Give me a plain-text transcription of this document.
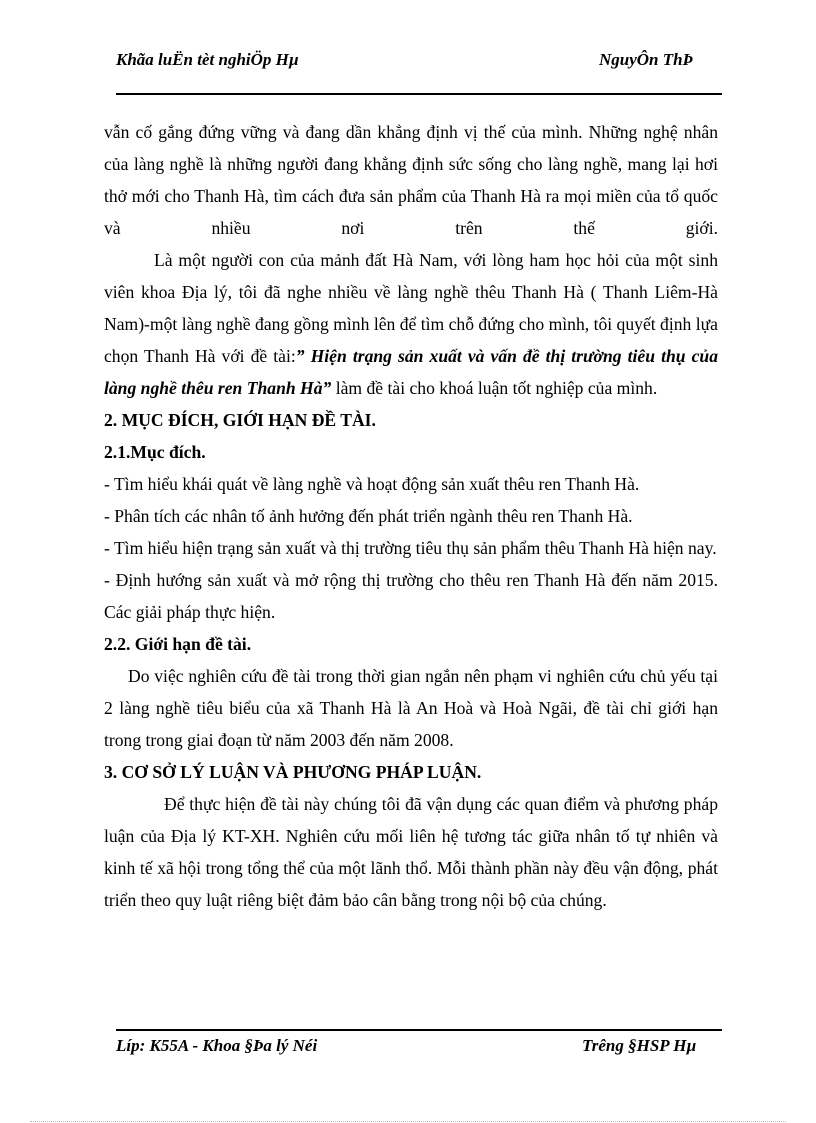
Khãa luËn tèt nghiÖp Hµ	NguyÔn ThÞ

vẫn cố gắng đứng vững và đang dần khẳng định vị thế của mình. Những nghệ nhân của làng nghề là những người đang khẳng định sức sống cho làng nghề, mang lại hơi thở mới cho Thanh Hà, tìm cách đưa sản phẩm của Thanh Hà ra mọi miền của tổ quốc và nhiều nơi trên thế giới.

Là một người con của mảnh đất Hà Nam, với lòng ham học hỏi của một sinh viên khoa Địa lý, tôi đã nghe nhiều về làng nghề thêu Thanh Hà ( Thanh Liêm-Hà Nam)-một làng nghề đang gồng mình lên để tìm chỗ đứng cho mình, tôi quyết định lựa chọn Thanh Hà với đề tài:” Hiện trạng sản xuất và vấn đề thị trường tiêu thụ của làng nghề thêu ren Thanh Hà” làm đề tài cho khoá luận tốt nghiệp của mình.

2. MỤC ĐÍCH, GIỚI HẠN ĐỀ TÀI.

2.1.Mục đích.

- Tìm hiểu khái quát về làng nghề và hoạt động sản xuất thêu ren Thanh Hà.

- Phân tích các nhân tố ảnh hưởng đến phát triển ngành thêu ren Thanh Hà.

- Tìm hiểu hiện trạng sản xuất và thị trường tiêu thụ sản phẩm thêu Thanh Hà hiện nay.

- Định hướng sản xuất và mở rộng thị trường cho thêu ren Thanh Hà đến năm 2015. Các giải pháp thực hiện.

2.2. Giới hạn đề tài.

Do việc nghiên cứu đề tài trong thời gian ngắn nên phạm vi nghiên cứu chủ yếu tại 2 làng nghề tiêu biểu của xã Thanh Hà là An Hoà và Hoà Ngãi, đề tài chỉ giới hạn trong trong giai đoạn từ năm 2003 đến năm 2008.

3. CƠ SỞ LÝ LUẬN VÀ PHƯƠNG PHÁP LUẬN.

Để thực hiện đề tài này chúng tôi đã vận dụng các quan điểm và phương pháp luận của Địa lý KT-XH. Nghiên cứu mối liên hệ tương tác giữa nhân tố tự nhiên và kinh tế xã hội trong tổng thể của một lãnh thổ. Mỗi thành phần này đều vận động, phát triển theo quy luật riêng biệt đảm bảo cân bằng trong nội bộ của chúng.

Líp: K55A - Khoa §Þa lý Néi	Trêng §HSP Hµ
